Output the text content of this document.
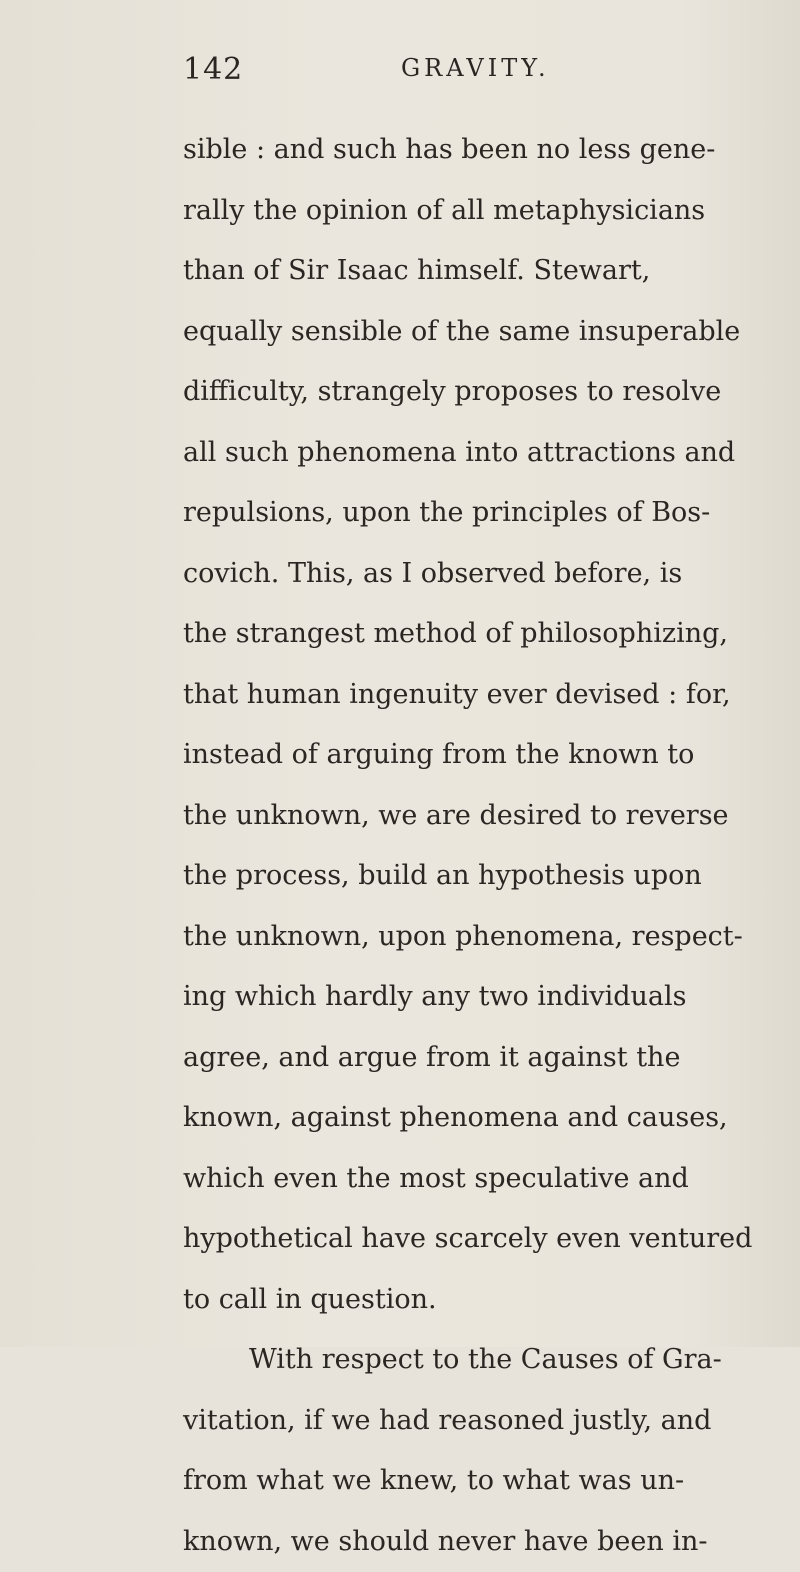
142	GRAVITY.
sible : and such has been no less gene-
rally the opinion of all metaphysicians
than of Sir Isaac himself. Stewart,
equally sensible of the same insuperable
difficulty, strangely proposes to resolve
all such phenomena into attractions and
repulsions, upon the principles of Bos-
covich. This, as I observed before, is
the strangest method of philosophizing,
that human ingenuity ever devised : for,
instead of arguing from the known to
the unknown, we are desired to reverse
the process, build an hypothesis upon
the unknown, upon phenomena, respect-
ing which hardly any two individuals
agree, and argue from it against the
known, against phenomena and causes,
which even the most speculative and
hypothetical have scarcely even ventured
to call in question.
With respect to the Causes of Gra-
vitation, if we had reasoned justly, and
from what we knew, to what was un-
known, we should never have been in-
